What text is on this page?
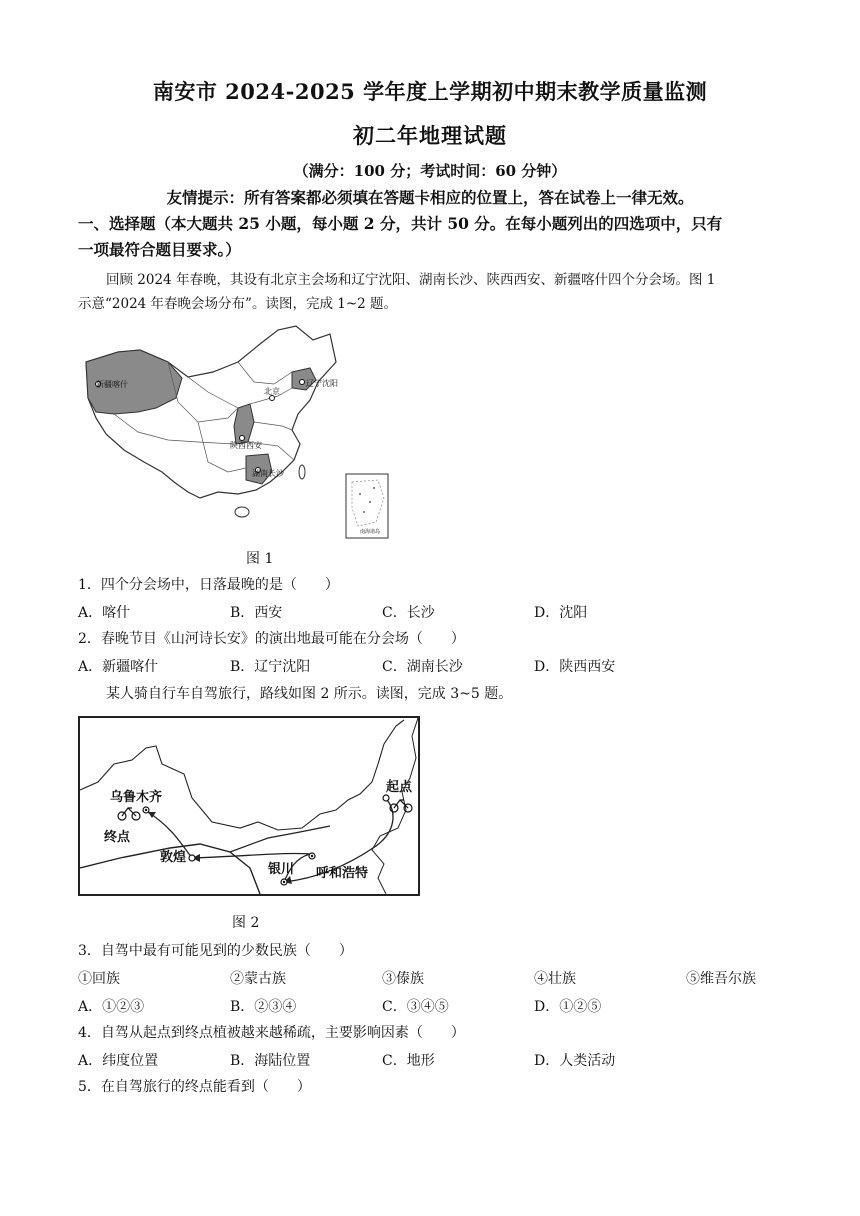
南安市 2024-2025 学年度上学期初中期末教学质量监测
初二年地理试题
（满分：100 分；考试时间：60 分钟）
友情提示：所有答案都必须填在答题卡相应的位置上，答在试卷上一律无效。
一、选择题（本大题共 25 小题，每小题 2 分，共计 50 分。在每小题列出的四选项中，只有
一项最符合题目要求。）
回顾 2024 年春晚，其设有北京主会场和辽宁沈阳、湖南长沙、陕西西安、新疆喀什四个分会场。图 1
示意“2024 年春晚会场分布”。读图，完成 1~2 题。
新疆喀什
北京
辽宁沈阳
陕西西安
湖南长沙
南海诸岛
图 1
1．四个分会场中，日落最晚的是（　　）
A．喀什	B．西安	C．长沙	D．沈阳
2．春晚节目《山河诗长安》的演出地最可能在分会场（　　）
A．新疆喀什	B．辽宁沈阳	C．湖南长沙	D．陕西西安
某人骑自行车自驾旅行，路线如图 2 所示。读图，完成 3~5 题。
乌鲁木齐
终点
敦煌
银川 呼和浩特
起点
图 2
3．自驾中最有可能见到的少数民族（　　）
①回族	②蒙古族	③傣族	④壮族	⑤维吾尔族
A．①②③	B．②③④	C．③④⑤	D．①②⑤
4．自驾从起点到终点植被越来越稀疏，主要影响因素（　　）
A．纬度位置	B．海陆位置	C．地形	D．人类活动
5．在自驾旅行的终点能看到（　　）
